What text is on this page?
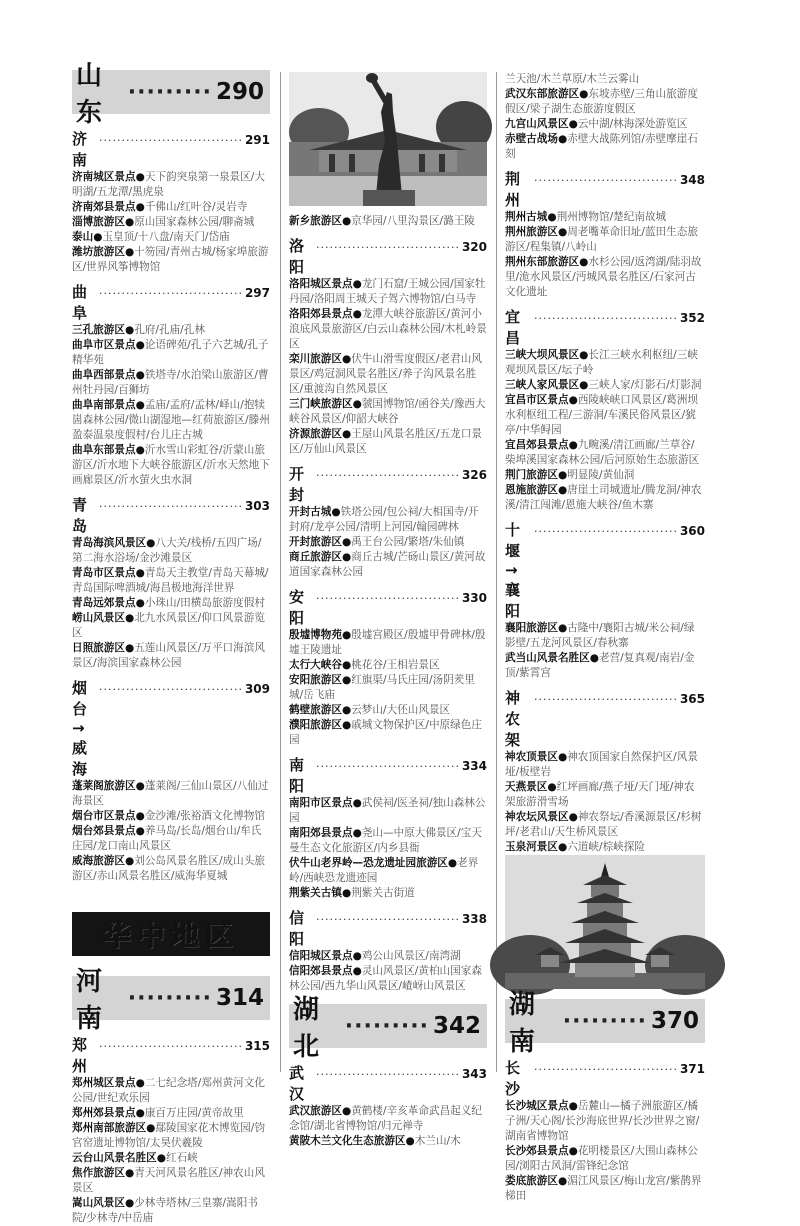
山东
········· 290
济南
································ 291
济南城区景点●天下韵突泉第一泉景区/大明湖/五龙潭/黑虎泉
济南郊县景点●千佛山/红叶谷/灵岩寺
淄博旅游区●原山国家森林公园/聊斋城
泰山●玉皇顶/十八盘/南天门/岱庙
潍坊旅游区●十笏园/青州古城/杨家埠旅游区/世界风筝博物馆
曲阜
································ 297
三孔旅游区●孔府/孔庙/孔林
曲阜市区景点●论语碑苑/孔子六艺城/孔子精华苑
曲阜西部景点●铁塔寺/水泊梁山旅游区/曹州牡丹园/百狮坊
曲阜南部景点●孟庙/孟府/孟林/峄山/抱犊崮森林公园/微山湖湿地—红荷旅游区/滕州盈泰温泉度假村/台儿庄古城
曲阜东部景点●沂水雪山彩虹谷/沂蒙山旅游区/沂水地下大峡谷旅游区/沂水天然地下画廊景区/沂水萤火虫水洞
青岛
································ 303
青岛海滨风景区●八大关/栈桥/五四广场/第二海水浴场/金沙滩景区
青岛市区景点●青岛天主教堂/青岛天幕城/青岛国际啤酒城/海昌极地海洋世界
青岛远郊景点●小珠山/田横岛旅游度假村
崂山风景区●北九水风景区/仰口风景游览区
日照旅游区●五莲山风景区/万平口海滨风景区/海滨国家森林公园
烟台→威海
································ 309
蓬莱阁旅游区●蓬莱阁/三仙山景区/八仙过海景区
烟台市区景点●金沙滩/张裕酒文化博物馆
烟台郊县景点●养马岛/长岛/烟台山/牟氏庄园/龙口南山风景区
威海旅游区●刘公岛风景名胜区/成山头旅游区/赤山风景名胜区/威海华夏城
华中地区
河南
········· 314
郑州
································ 315
郑州城区景点●二七纪念塔/郑州黄河文化公园/世纪欢乐园
郑州郊县景点●康百万庄园/黄帝故里
郑州南部旅游区●鄢陵国家花木博览园/钧官窑遗址博物馆/太昊伏羲陵
云台山风景名胜区●红石峡
焦作旅游区●青天河风景名胜区/神农山风景区
嵩山风景区●少林寺塔林/三皇寨/嵩阳书院/少林寺/中岳庙
新乡旅游区●京华园/八里沟景区/潞王陵
洛阳
································ 320
洛阳城区景点●龙门石窟/王城公园/国家牡丹园/洛阳周王城天子驾六博物馆/白马寺
洛阳郊县景点●龙潭大峡谷旅游区/黄河小浪底风景旅游区/白云山森林公园/木札岭景区
栾川旅游区●伏牛山滑雪度假区/老君山风景区/鸡冠洞风景名胜区/养子沟风景名胜区/重渡沟自然风景区
三门峡旅游区●虢国博物馆/函谷关/豫西大峡谷风景区/仰韶大峡谷
济源旅游区●王屋山风景名胜区/五龙口景区/万仙山风景区
开封
································ 326
开封古城●铁塔公园/包公祠/大相国寺/开封府/龙亭公园/清明上河园/翰园碑林
开封旅游区●禹王台公园/繁塔/朱仙镇
商丘旅游区●商丘古城/芒砀山景区/黄河故道国家森林公园
安阳
································ 330
殷墟博物苑●殷墟宫殿区/殷墟甲骨碑林/殷墟王陵遗址
太行大峡谷●桃花谷/王相岩景区
安阳旅游区●红旗渠/马氏庄园/汤阴羑里城/岳飞庙
鹤壁旅游区●云梦山/大伾山风景区
濮阳旅游区●戚城文物保护区/中原绿色庄园
南阳
································ 334
南阳市区景点●武侯祠/医圣祠/独山森林公园
南阳郊县景点●尧山—中原大佛景区/宝天曼生态文化旅游区/内乡县衙
伏牛山老界岭—恐龙遗址园旅游区●老界岭/西峡恐龙遗迹园
荆紫关古镇●荆紫关古街道
信阳
································ 338
信阳城区景点●鸡公山风景区/南湾湖
信阳郊县景点●灵山风景区/黄柏山国家森林公园/西九华山风景区/嵖岈山风景区
湖北
········· 342
武汉
································ 343
武汉旅游区●黄鹤楼/辛亥革命武昌起义纪念馆/湖北省博物馆/归元禅寺
黄陂木兰文化生态旅游区●木兰山/木
兰天池/木兰草原/木兰云雾山
武汉东部旅游区●东坡赤壁/三角山旅游度假区/梁子湖生态旅游度假区
九宫山风景区●云中湖/林海深处游览区
赤壁古战场●赤壁大战陈列馆/赤壁摩崖石刻
荆州
································ 348
荆州古城●荆州博物馆/楚纪南故城
荆州旅游区●周老嘴革命旧址/蓝田生态旅游区/程集镇/八岭山
荆州东部旅游区●水杉公园/返湾湖/陆羽故里/洈水风景区/沔城风景名胜区/石家河古文化遗址
宜昌
································ 352
三峡大坝风景区●长江三峡水利枢纽/三峡观坝风景区/坛子岭
三峡人家风景区●三峡人家/灯影石/灯影洞
宜昌市区景点●西陵峡峡口风景区/葛洲坝水利枢纽工程/三游洞/车溪民俗风景区/猇亭/中华鲟园
宜昌郊县景点●九畹溪/清江画廊/兰草谷/柴埠溪国家森林公园/后河原始生态旅游区
荆门旅游区●明显陵/黄仙洞
恩施旅游区●唐崖土司城遗址/腾龙洞/神农溪/清江闯滩/恩施大峡谷/鱼木寨
十堰→襄阳
································ 360
襄阳旅游区●古隆中/襄阳古城/米公祠/绿影壁/五龙河风景区/春秋寨
武当山风景名胜区●老营/复真观/南岩/金顶/紫霄宫
神农架
································ 365
神农顶景区●神农顶国家自然保护区/风景垭/板壁岩
天燕景区●红坪画廊/燕子垭/天门垭/神农架旅游滑雪场
神农坛风景区●神农祭坛/香溪源景区/杉树坪/老君山/天生桥风景区
玉泉河景区●六道峡/棕峡探险
湖南
········· 370
长沙
································ 371
长沙城区景点●岳麓山—橘子洲旅游区/橘子洲/天心阁/长沙海底世界/长沙世界之窗/湖南省博物馆
长沙郊县景点●花明楼景区/大围山森林公园/浏阳古风洞/雷锋纪念馆
娄底旅游区●湄江风景区/梅山龙宫/紫鹊界梯田
